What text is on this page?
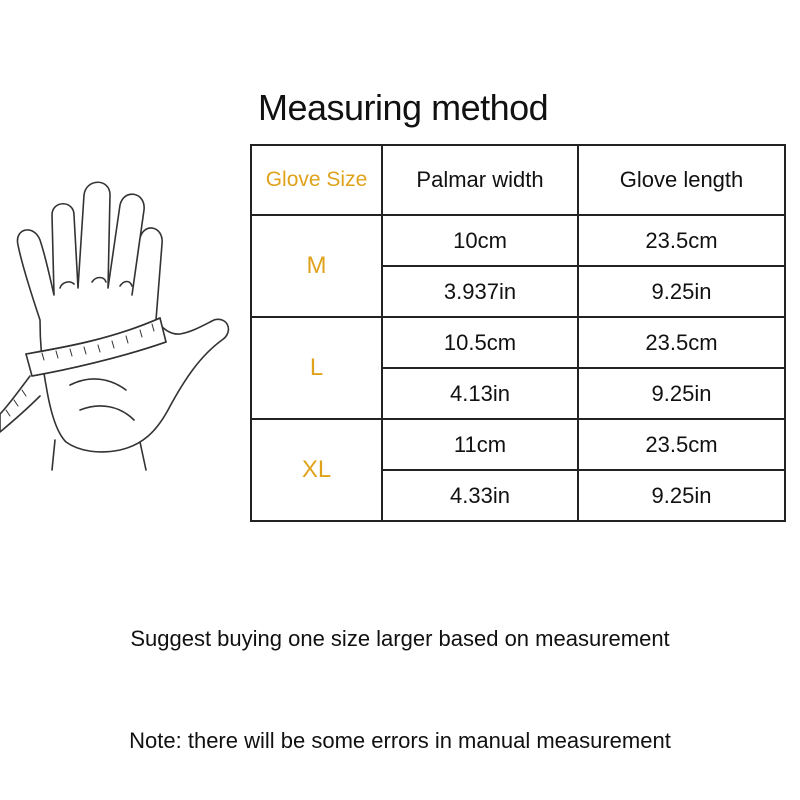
Measuring method
Glove Size	Palmar width	Glove length
M	10cm	23.5cm
	3.937in	9.25in
L	10.5cm	23.5cm
	4.13in	9.25in
XL	11cm	23.5cm
	4.33in	9.25in
Suggest buying one size larger based on measurement
Note: there will be some errors in manual measurement
